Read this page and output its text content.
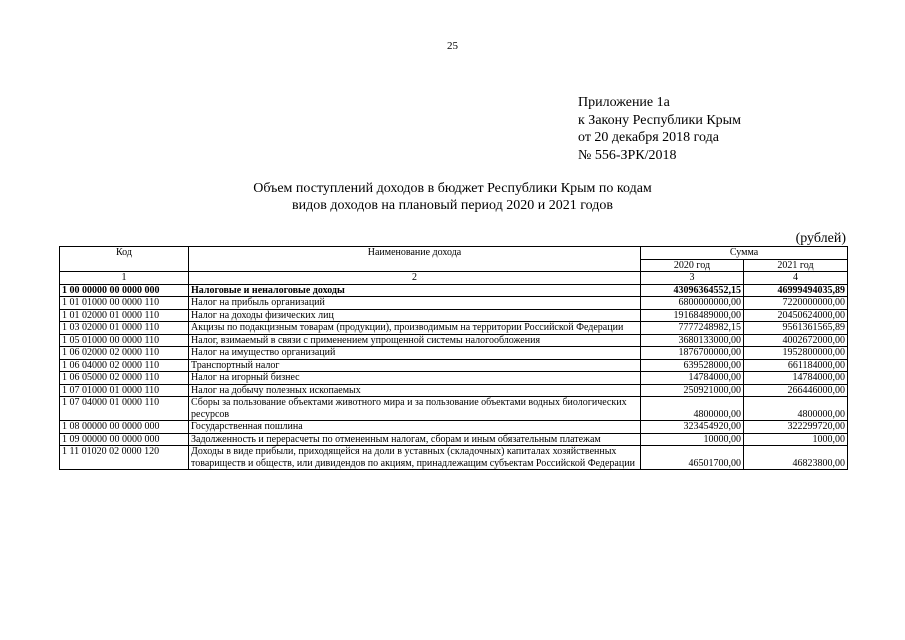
25
Приложение 1а
к Закону Республики Крым
от 20 декабря 2018 года
№ 556-ЗРК/2018
Объем поступлений доходов в бюджет Республики Крым по кодам
видов доходов на плановый период 2020 и 2021 годов
(рублей)
Код	Наименование дохода	Сумма	
		2020 год	2021 год
1	2	3	4
1 00 00000 00 0000 000	Налоговые и неналоговые доходы	43096364552,15	46999494035,89
1 01 01000 00 0000 110	Налог на прибыль организаций	6800000000,00	7220000000,00
1 01 02000 01 0000 110	Налог на доходы физических лиц	19168489000,00	20450624000,00
1 03 02000 01 0000 110	Акцизы по подакцизным товарам (продукции), производимым на территории Российской Федерации	7777248982,15	9561361565,89
1 05 01000 00 0000 110	Налог, взимаемый в связи с применением упрощенной системы налогообложения	3680133000,00	4002672000,00
1 06 02000 02 0000 110	Налог на имущество организаций	1876700000,00	1952800000,00
1 06 04000 02 0000 110	Транспортный налог	639528000,00	661184000,00
1 06 05000 02 0000 110	Налог на игорный бизнес	14784000,00	14784000,00
1 07 01000 01 0000 110	Налог на добычу полезных ископаемых	250921000,00	266446000,00
1 07 04000 01 0000 110	Сборы за пользование объектами животного мира и за пользование объектами водных биологических ресурсов	4800000,00	4800000,00
1 08 00000 00 0000 000	Государственная пошлина	323454920,00	322299720,00
1 09 00000 00 0000 000	Задолженность и перерасчеты по отмененным налогам, сборам и иным обязательным платежам	10000,00	1000,00
1 11 01020 02 0000 120	Доходы в виде прибыли, приходящейся на доли в уставных (складочных) капиталах хозяйственных товариществ и обществ, или дивидендов по акциям, принадлежащим субъектам Российской Федерации	46501700,00	46823800,00
